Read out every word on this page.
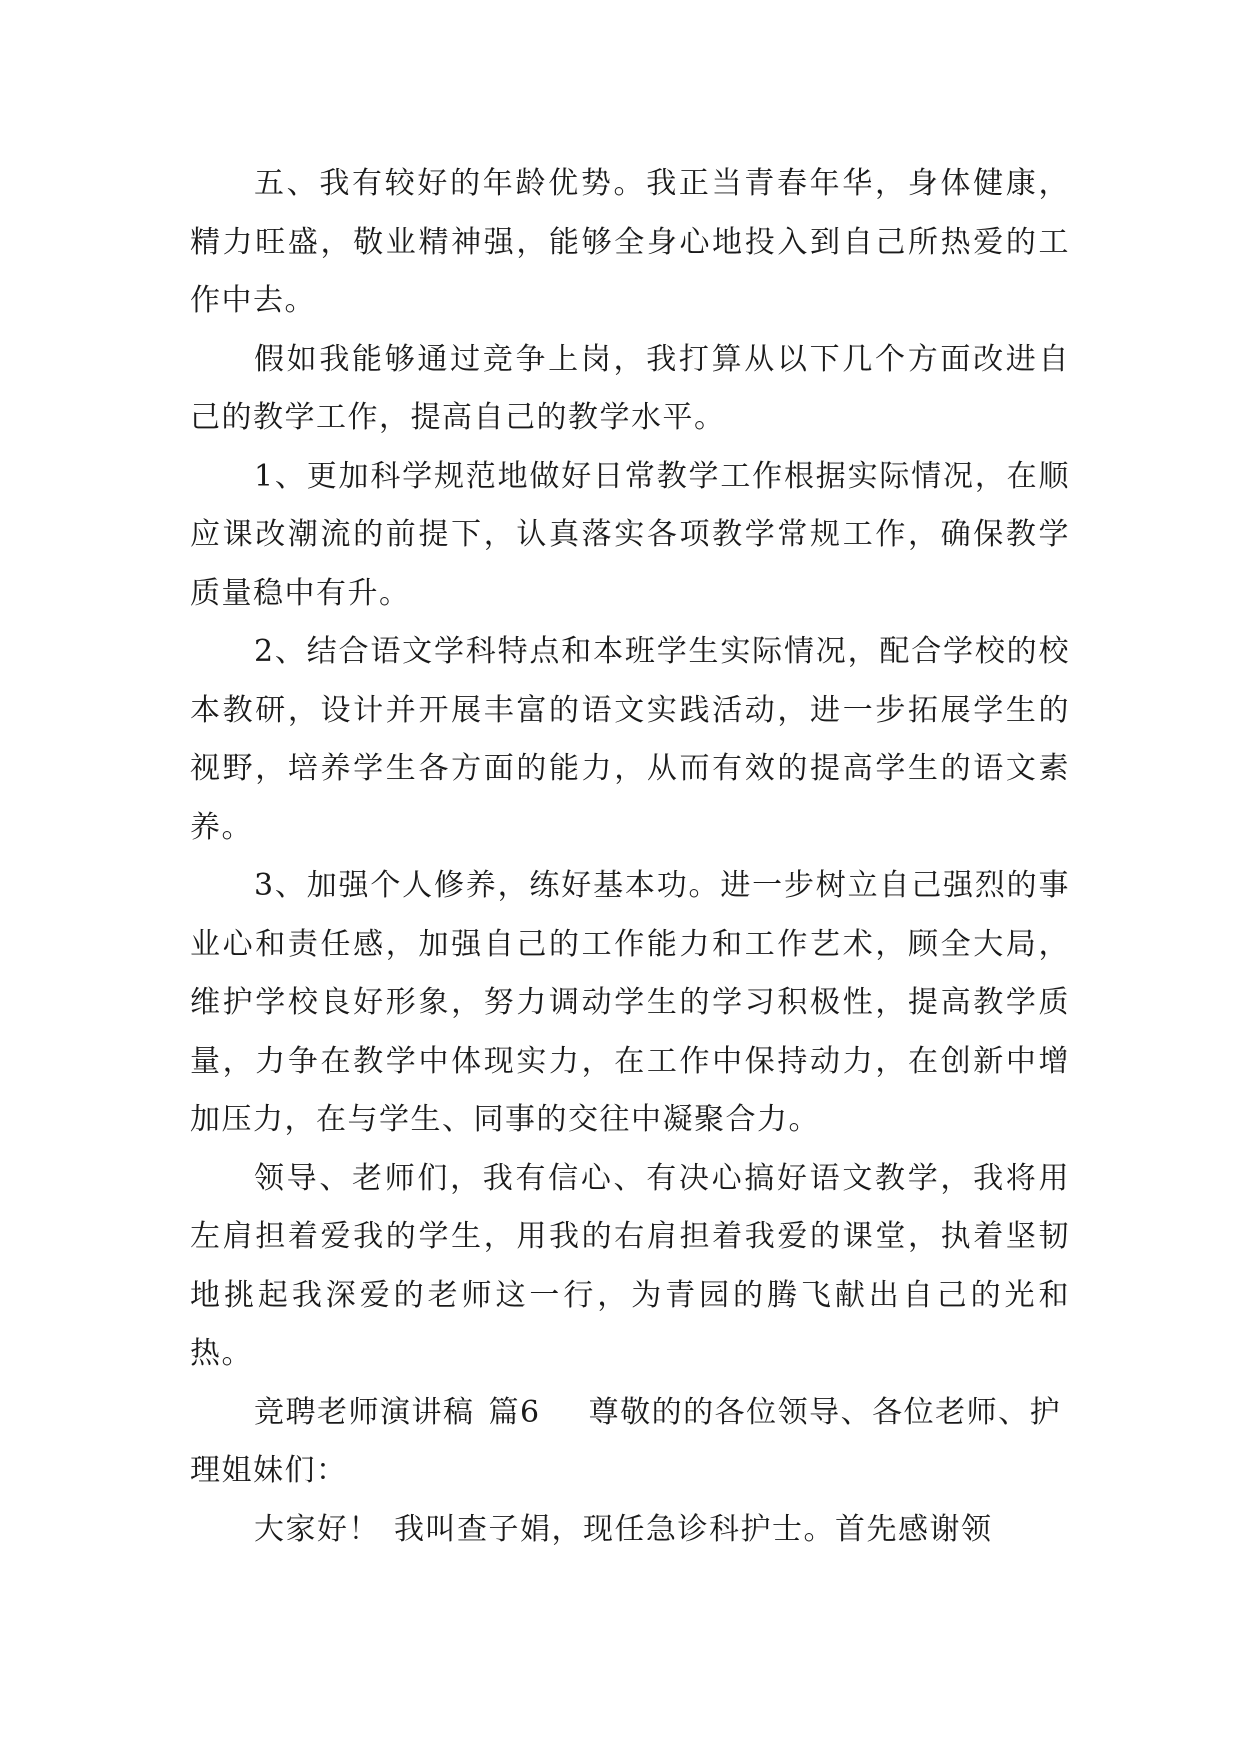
五、我有较好的年龄优势。我正当青春年华，身体健康，精力旺盛，敬业精神强，能够全身心地投入到自己所热爱的工作中去。

假如我能够通过竞争上岗，我打算从以下几个方面改进自己的教学工作，提高自己的教学水平。

1、更加科学规范地做好日常教学工作根据实际情况，在顺应课改潮流的前提下，认真落实各项教学常规工作，确保教学质量稳中有升。

2、结合语文学科特点和本班学生实际情况，配合学校的校本教研，设计并开展丰富的语文实践活动，进一步拓展学生的视野，培养学生各方面的能力，从而有效的提高学生的语文素养。

3、加强个人修养，练好基本功。进一步树立自己强烈的事业心和责任感，加强自己的工作能力和工作艺术，顾全大局，维护学校良好形象，努力调动学生的学习积极性，提高教学质量，力争在教学中体现实力，在工作中保持动力，在创新中增加压力，在与学生、同事的交往中凝聚合力。

领导、老师们，我有信心、有决心搞好语文教学，我将用左肩担着爱我的学生，用我的右肩担着我爱的课堂，执着坚韧地挑起我深爱的老师这一行，为青园的腾飞献出自己的光和热。

竞聘老师演讲稿 篇6 尊敬的的各位领导、各位老师、护理姐妹们：

大家好！ 我叫查子娟，现任急诊科护士。首先感谢领
